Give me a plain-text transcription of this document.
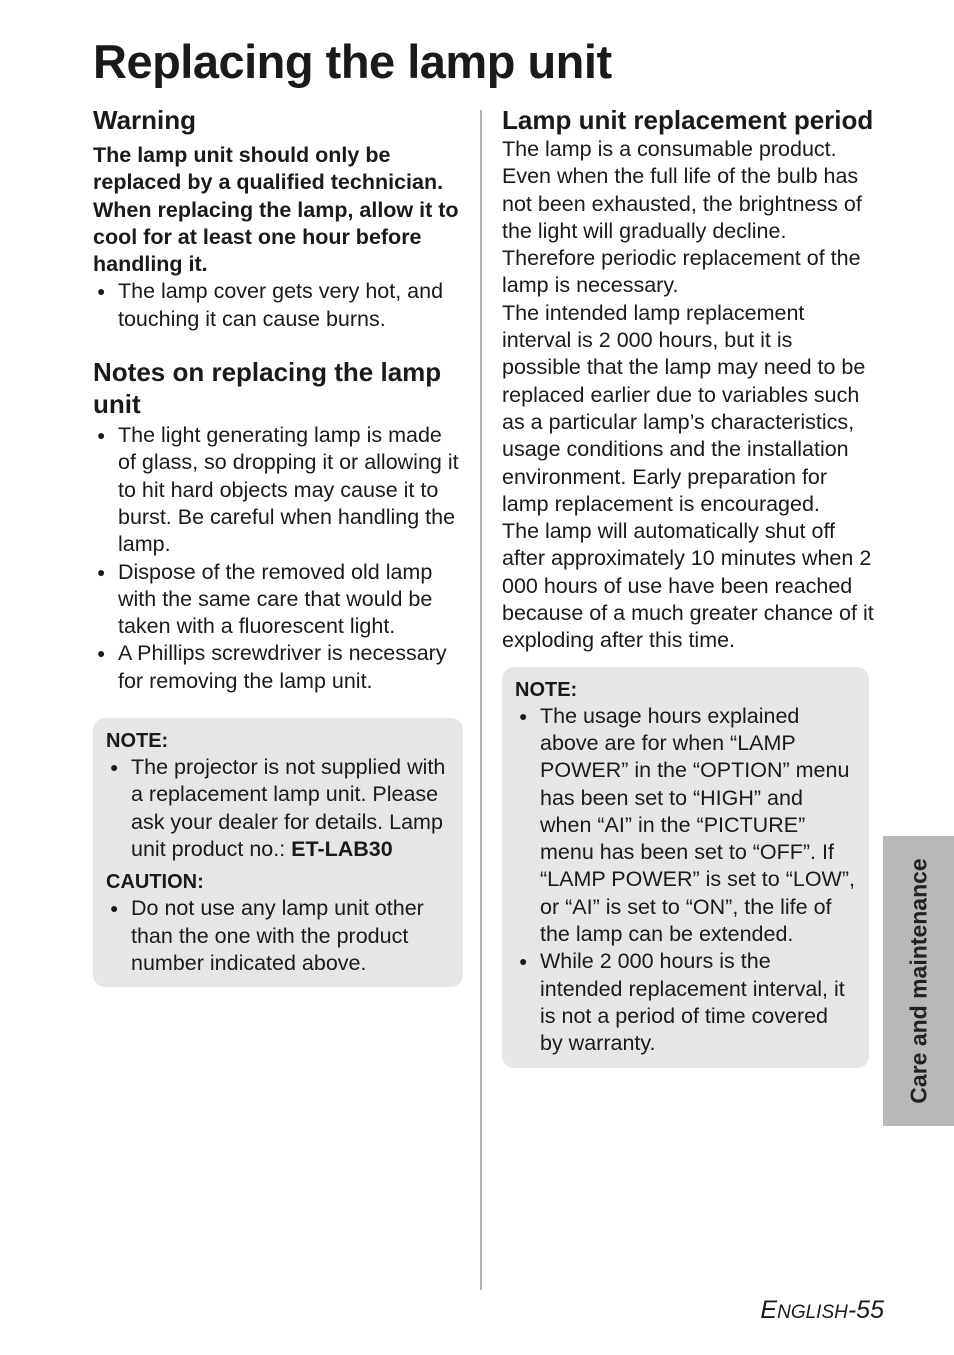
Replacing the lamp unit
Warning

The lamp unit should only be replaced by a qualified technician.

When replacing the lamp, allow it to cool for at least one hour before handling it.

● The lamp cover gets very hot, and touching it can cause burns.
Notes on replacing the lamp unit
● The light generating lamp is made of glass, so dropping it or allowing it to hit hard objects may cause it to burst. Be careful when handling the lamp.
● Dispose of the removed old lamp with the same care that would be taken with a fluorescent light.
● A Phillips screwdriver is necessary for removing the lamp unit.

NOTE:

● The projector is not supplied with a replacement lamp unit. Please ask your dealer for details. Lamp unit product no.: ET-LAB30

CAUTION:

● Do not use any lamp unit other than the one with the product number indicated above.
Lamp unit replacement period

The lamp is a consumable product. Even when the full life of the bulb has not been exhausted, the brightness of the light will gradually decline. Therefore periodic replacement of the lamp is necessary.

The intended lamp replacement interval is 2 000 hours, but it is possible that the lamp may need to be replaced earlier due to variables such as a particular lamp’s characteristics, usage conditions and the installation environment. Early preparation for lamp replacement is encouraged.

The lamp will automatically shut off after approximately 10 minutes when 2 000 hours of use have been reached because of a much greater chance of it exploding after this time.

NOTE:

● The usage hours explained above are for when “LAMP POWER” in the “OPTION” menu has been set to “HIGH” and when “AI” in the “PICTURE” menu has been set to “OFF”. If “LAMP POWER” is set to “LOW”, or “AI” is set to “ON”, the life of the lamp can be extended.
● While 2 000 hours is the intended replacement interval, it is not a period of time covered by warranty.	Care and maintenance
ENGLISH-55
